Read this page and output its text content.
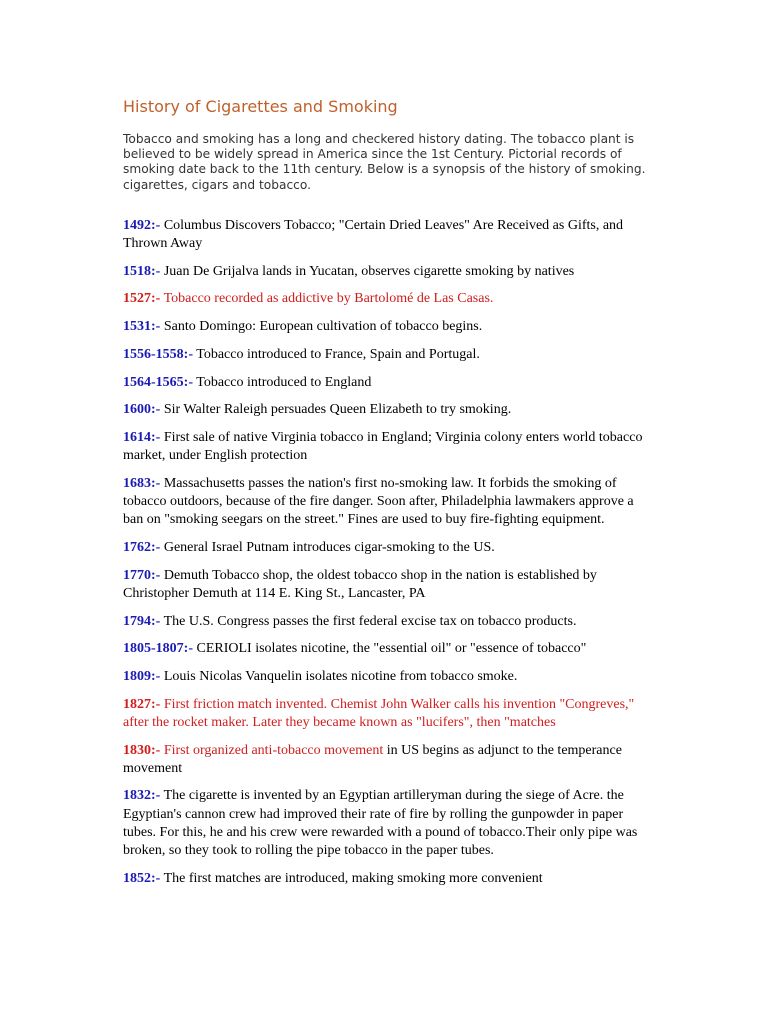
History of Cigarettes and Smoking

Tobacco and smoking has a long and checkered history dating. The tobacco plant is believed to be widely spread in America since the 1st Century. Pictorial records of smoking date back to the 11th century. Below is a synopsis of the history of smoking. cigarettes, cigars and tobacco.

1492:- Columbus Discovers Tobacco; "Certain Dried Leaves" Are Received as Gifts, and Thrown Away
1518:- Juan De Grijalva lands in Yucatan, observes cigarette smoking by natives
1527:- Tobacco recorded as addictive by Bartolomé de Las Casas.
1531:- Santo Domingo: European cultivation of tobacco begins.
1556-1558:- Tobacco introduced to France, Spain and Portugal.
1564-1565:- Tobacco introduced to England
1600:- Sir Walter Raleigh persuades Queen Elizabeth to try smoking.
1614:- First sale of native Virginia tobacco in England; Virginia colony enters world tobacco market, under English protection
1683:- Massachusetts passes the nation's first no-smoking law. It forbids the smoking of tobacco outdoors, because of the fire danger. Soon after, Philadelphia lawmakers approve a ban on "smoking seegars on the street." Fines are used to buy fire-fighting equipment.
1762:- General Israel Putnam introduces cigar-smoking to the US.
1770:- Demuth Tobacco shop, the oldest tobacco shop in the nation is established by Christopher Demuth at 114 E. King St., Lancaster, PA
1794:- The U.S. Congress passes the first federal excise tax on tobacco products.
1805-1807:- CERIOLI isolates nicotine, the "essential oil" or "essence of tobacco"
1809:- Louis Nicolas Vanquelin isolates nicotine from tobacco smoke.
1827:- First friction match invented. Chemist John Walker calls his invention "Congreves," after the rocket maker. Later they became known as "lucifers", then "matches
1830:- First organized anti-tobacco movement in US begins as adjunct to the temperance movement
1832:- The cigarette is invented by an Egyptian artilleryman during the siege of Acre. the Egyptian's cannon crew had improved their rate of fire by rolling the gunpowder in paper tubes. For this, he and his crew were rewarded with a pound of tobacco.Their only pipe was broken, so they took to rolling the pipe tobacco in the paper tubes.
1852:- The first matches are introduced, making smoking more convenient
